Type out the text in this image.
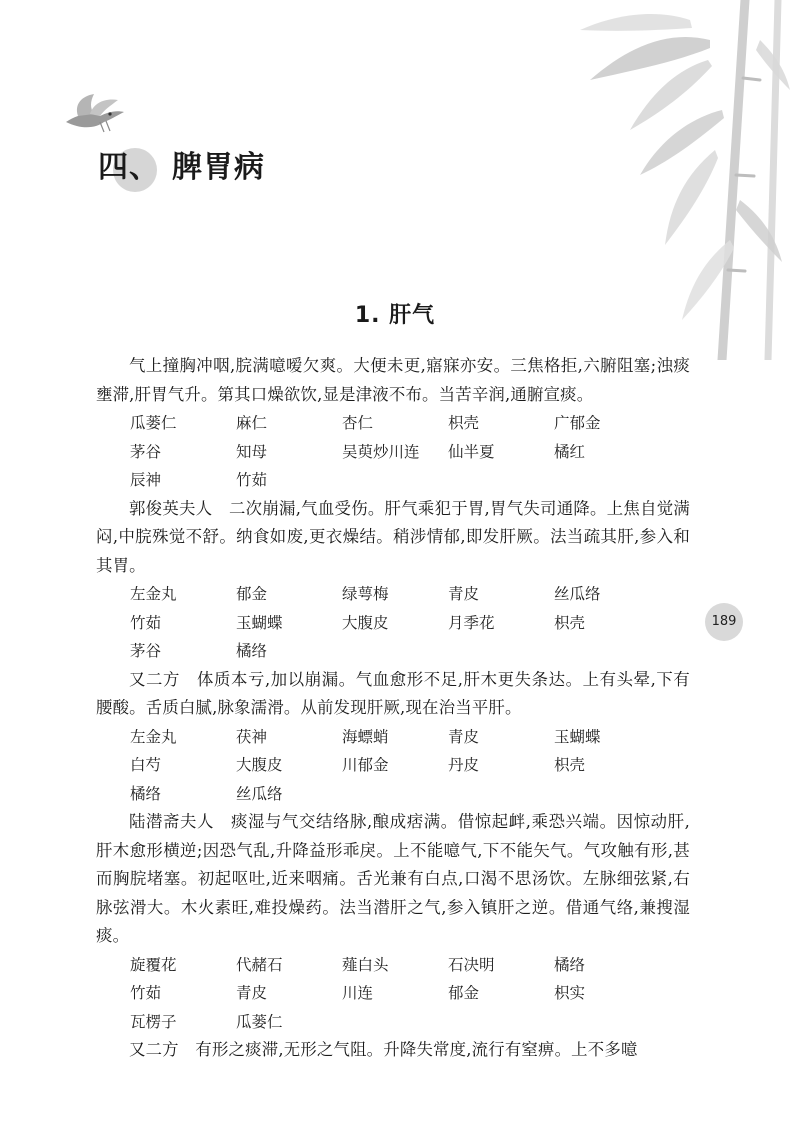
四、 脾胃病
1. 肝气
189

气上撞胸冲咽,脘满噫嗳欠爽。大便未更,寤寐亦安。三焦格拒,六腑阻塞;浊痰壅滞,肝胃气升。第其口燥欲饮,显是津液不布。当苦辛润,通腑宣痰。

瓜蒌仁	麻仁	杏仁	枳壳	广郁金
茅谷	知母	吴萸炒川连	仙半夏	橘红
辰神	竹茹

郭俊英夫人　二次崩漏,气血受伤。肝气乘犯于胃,胃气失司通降。上焦自觉满闷,中脘殊觉不舒。纳食如废,更衣燥结。稍涉情郁,即发肝厥。法当疏其肝,参入和其胃。

左金丸	郁金	绿萼梅	青皮	丝瓜络
竹茹	玉蝴蝶	大腹皮	月季花	枳壳
茅谷	橘络

又二方　体质本亏,加以崩漏。气血愈形不足,肝木更失条达。上有头晕,下有腰酸。舌质白腻,脉象濡滑。从前发现肝厥,现在治当平肝。

左金丸	茯神	海螵蛸	青皮	玉蝴蝶
白芍	大腹皮	川郁金	丹皮	枳壳
橘络	丝瓜络

陆潜斋夫人　痰湿与气交结络脉,酿成痞满。借惊起衅,乘恐兴端。因惊动肝,肝木愈形横逆;因恐气乱,升降益形乖戾。上不能噫气,下不能矢气。气攻触有形,甚而胸脘堵塞。初起呕吐,近来咽痛。舌光兼有白点,口渴不思汤饮。左脉细弦紧,右脉弦滑大。木火素旺,难投燥药。法当潜肝之气,参入镇肝之逆。借通气络,兼搜湿痰。

旋覆花	代赭石	薤白头	石决明	橘络
竹茹	青皮	川连	郁金	枳实
瓦楞子	瓜蒌仁

又二方　有形之痰滞,无形之气阻。升降失常度,流行有窒痹。上不多噫
